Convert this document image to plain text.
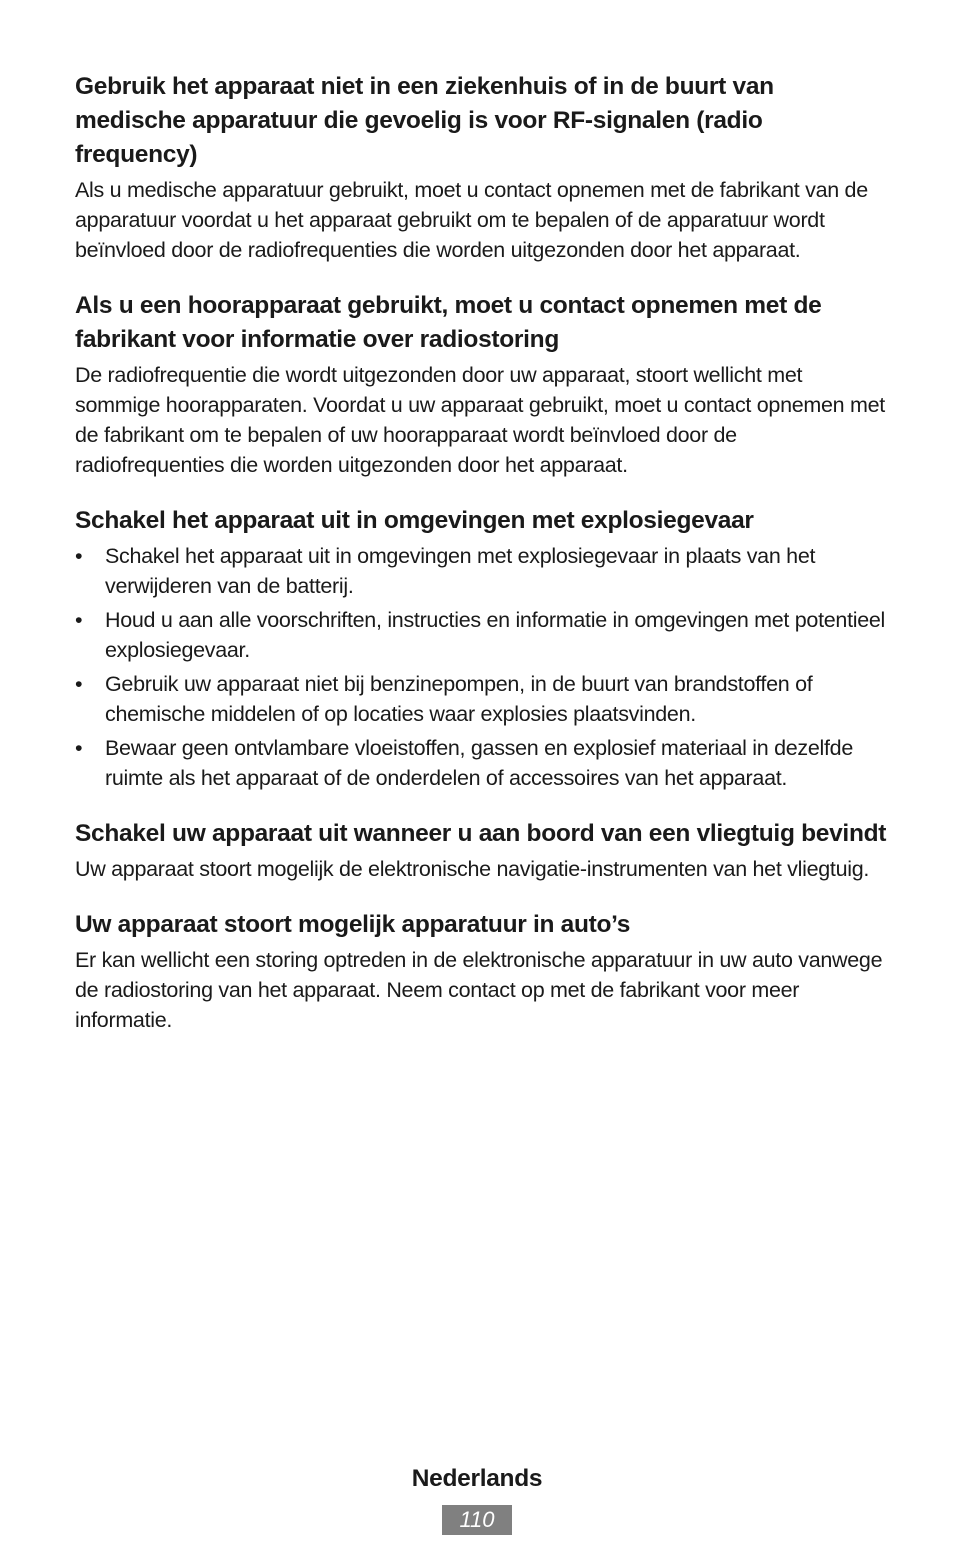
Gebruik het apparaat niet in een ziekenhuis of in de buurt van medische apparatuur die gevoelig is voor RF-signalen (radio frequency)

Als u medische apparatuur gebruikt, moet u contact opnemen met de fabrikant van de apparatuur voordat u het apparaat gebruikt om te bepalen of de apparatuur wordt beïnvloed door de radiofrequenties die worden uitgezonden door het apparaat.

Als u een hoorapparaat gebruikt, moet u contact opnemen met de fabrikant voor informatie over radiostoring

De radiofrequentie die wordt uitgezonden door uw apparaat, stoort wellicht met sommige hoorapparaten. Voordat u uw apparaat gebruikt, moet u contact opnemen met de fabrikant om te bepalen of uw hoorapparaat wordt beïnvloed door de radiofrequenties die worden uitgezonden door het apparaat.

Schakel het apparaat uit in omgevingen met explosiegevaar
• Schakel het apparaat uit in omgevingen met explosiegevaar in plaats van het verwijderen van de batterij.
• Houd u aan alle voorschriften, instructies en informatie in omgevingen met potentieel explosiegevaar.
• Gebruik uw apparaat niet bij benzinepompen, in de buurt van brandstoffen of chemische middelen of op locaties waar explosies plaatsvinden.
• Bewaar geen ontvlambare vloeistoffen, gassen en explosief materiaal in dezelfde ruimte als het apparaat of de onderdelen of accessoires van het apparaat.
Schakel uw apparaat uit wanneer u aan boord van een vliegtuig bevindt

Uw apparaat stoort mogelijk de elektronische navigatie-instrumenten van het vliegtuig.

Uw apparaat stoort mogelijk apparatuur in auto’s

Er kan wellicht een storing optreden in de elektronische apparatuur in uw auto vanwege de radiostoring van het apparaat. Neem contact op met de fabrikant voor meer informatie.

Nederlands
110
